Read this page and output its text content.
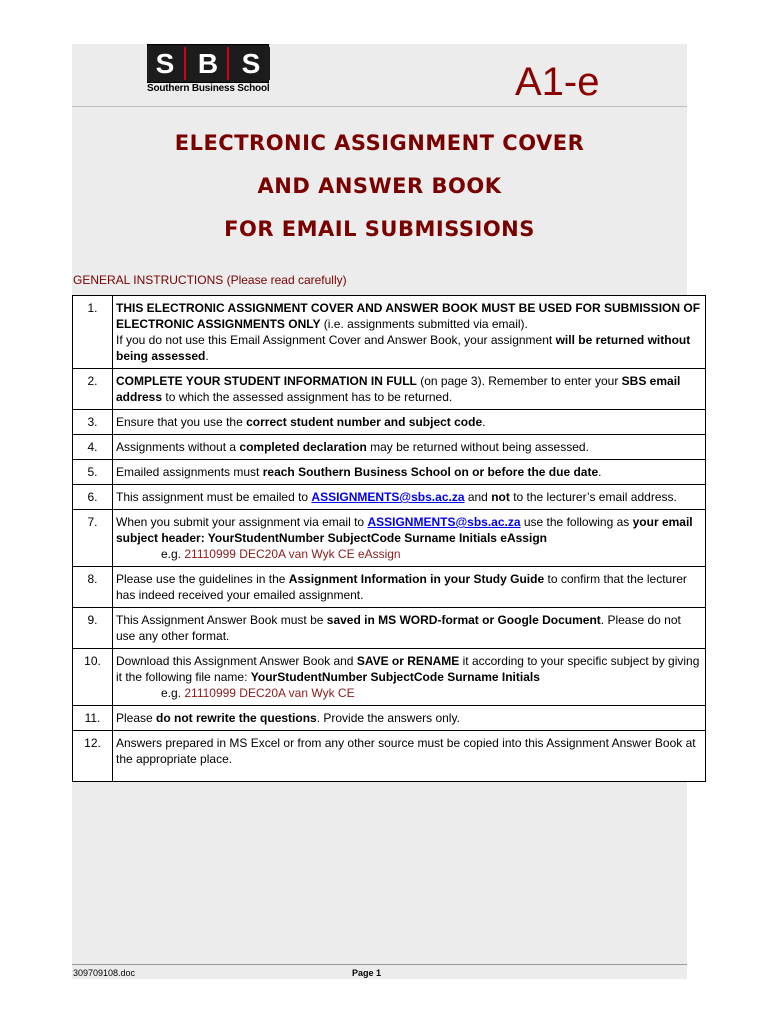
S B S
Southern Business School	A1-e
ELECTRONIC ASSIGNMENT COVER
AND ANSWER BOOK
FOR EMAIL SUBMISSIONS
GENERAL INSTRUCTIONS (Please read carefully)
1.	THIS ELECTRONIC ASSIGNMENT COVER AND ANSWER BOOK MUST BE USED FOR SUBMISSION OF ELECTRONIC ASSIGNMENTS ONLY (i.e. assignments submitted via email).
If you do not use this Email Assignment Cover and Answer Book, your assignment will be returned without being assessed.
2.	COMPLETE YOUR STUDENT INFORMATION IN FULL (on page 3). Remember to enter your SBS email address to which the assessed assignment has to be returned.
3.	Ensure that you use the correct student number and subject code.
4.	Assignments without a completed declaration may be returned without being assessed.
5.	Emailed assignments must reach Southern Business School on or before the due date.
6.	This assignment must be emailed to ASSIGNMENTS@sbs.ac.za and not to the lecturer’s email address.
7.	When you submit your assignment via email to ASSIGNMENTS@sbs.ac.za use the following as your email subject header: YourStudentNumber SubjectCode Surname Initials eAssign
e.g. 21110999 DEC20A van Wyk CE eAssign
8.	Please use the guidelines in the Assignment Information in your Study Guide to confirm that the lecturer has indeed received your emailed assignment.
9.	This Assignment Answer Book must be saved in MS WORD-format or Google Document. Please do not use any other format.
10.	Download this Assignment Answer Book and SAVE or RENAME it according to your specific subject by giving it the following file name: YourStudentNumber SubjectCode Surname Initials
e.g. 21110999 DEC20A van Wyk CE
11.	Please do not rewrite the questions. Provide the answers only.
12.	Answers prepared in MS Excel or from any other source must be copied into this Assignment Answer Book at the appropriate place.
309709108.doc	Page 1
